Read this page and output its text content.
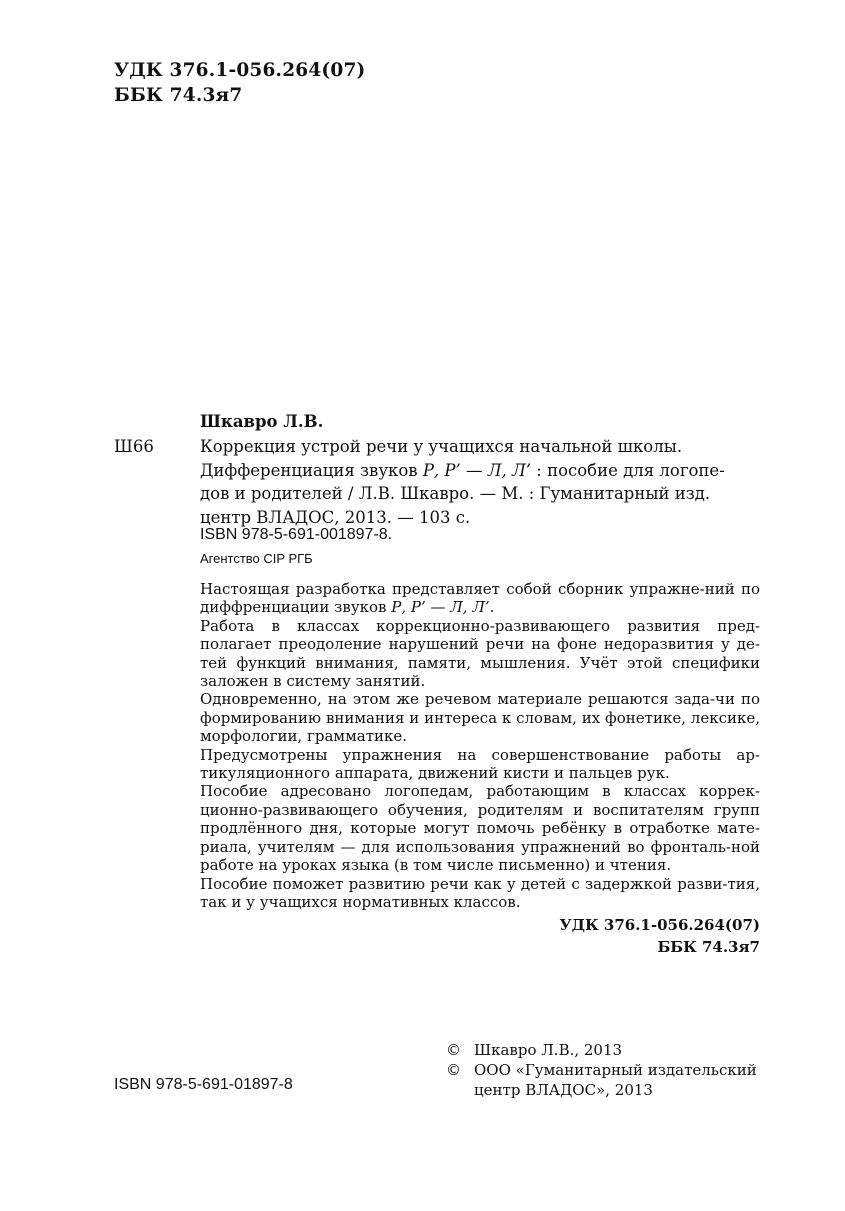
УДК 376.1-056.264(07)
ББК 74.3я7
Шкавро Л.В.
Ш66	Коррекция устрой речи у учащихся начальной школы.
Дифференциация звуков Р, Р’ — Л, Л’ : пособие для логопе-
дов и родителей / Л.В. Шкавро. — М. : Гуманитарный изд.
центр ВЛАДОС, 2013. — 103 с.
ISBN 978-5-691-001897-8.
Агентство CIP РГБ

Настоящая разработка представляет собой сборник упражне-ний по диффренциации звуков Р, Р’ — Л, Л’.

Работа в классах коррекционно-развивающего развития пред-полагает преодоление нарушений речи на фоне недоразвития у де-тей функций внимания, памяти, мышления. Учёт этой специфики заложен в систему занятий.

Одновременно, на этом же речевом материале решаются зада-чи по формированию внимания и интереса к словам, их фонетике, лексике, морфологии, грамматике.

Предусмотрены упражнения на совершенствование работы ар-тикуляционного аппарата, движений кисти и пальцев рук.

Пособие адресовано логопедам, работающим в классах коррек-ционно-развивающего обучения, родителям и воспитателям групп продлённого дня, которые могут помочь ребёнку в отработке мате-риала, учителям — для использования упражнений во фронталь-ной работе на уроках языка (в том числе письменно) и чтения.

Пособие поможет развитию речи как у детей с задержкой разви-тия, так и у учащихся нормативных классов.

УДК 376.1-056.264(07)
ББК 74.3я7
ISBN 978-5-691-01897-8
© Шкавро Л.В., 2013
© ООО «Гуманитарный издательский
центр ВЛАДОС», 2013
